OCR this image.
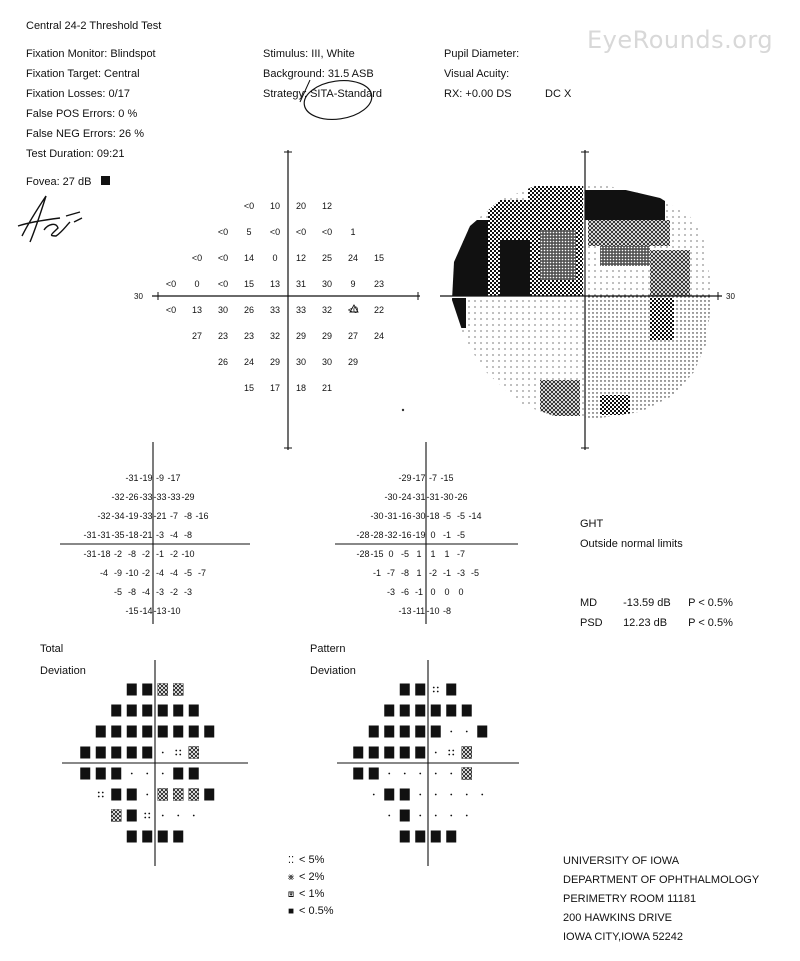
EyeRounds.org
Central 24-2 Threshold Test
Fixation Monitor: Blindspot
Fixation Target: Central
Fixation Losses: 0/17
False POS Errors: 0 %
False NEG Errors: 26 %
Test Duration: 09:21
Fovea: 27 dB
Stimulus: III, White
Background: 31.5 ASB
Strategy: SITA-Standard
Pupil Diameter:
Visual Acuity:
RX: +0.00 DS	DC X
30	30
<0 10 20 12
<0 5 <0 <0 <0 1
<0 <0 14 0 12 25 24 15
<0 0 <0 15 13 31 30 9 23
<0 13 30 26 33 33 32 <0 22
27 23 23 32 29 29 27 24
26 24 29 30 30 29
15 17 18 21
-31 -19 -9 -17
-32 -26 -33 -33 -33 -29
-32 -34 -19 -33 -21 -7 -8 -16
-31 -31 -35 -18 -21 -3 -4 -8
-31 -18 -2 -8 -2 -1 -2 -10
-4 -9 -10 -2 -4 -4 -5 -7
-5 -8 -4 -3 -2 -3
-15 -14 -13 -10
-29 -17 -7 -15
-30 -24 -31 -31 -30 -26
-30 -31 -16 -30 -18 -5 -5 -14
-28 -28 -32 -16 -19 0 -1 -5
-28 -15 0 -5 1 1 1 -7
-1 -7 -8 1 -2 -1 -3 -5
-3 -6 -1 0 0 0
-13 -11 -10 -8
Total
Deviation
Pattern
Deviation
GHT
Outside normal limits
MD -13.59 dB P < 0.5%
PSD 12.23 dB P < 0.5%
⁚⁚ < 5%
⨳ < 2%
⧆ < 1%
■ < 0.5%
UNIVERSITY OF IOWA
DEPARTMENT OF OPHTHALMOLOGY
PERIMETRY ROOM 11181
200 HAWKINS DRIVE
IOWA CITY,IOWA 52242
